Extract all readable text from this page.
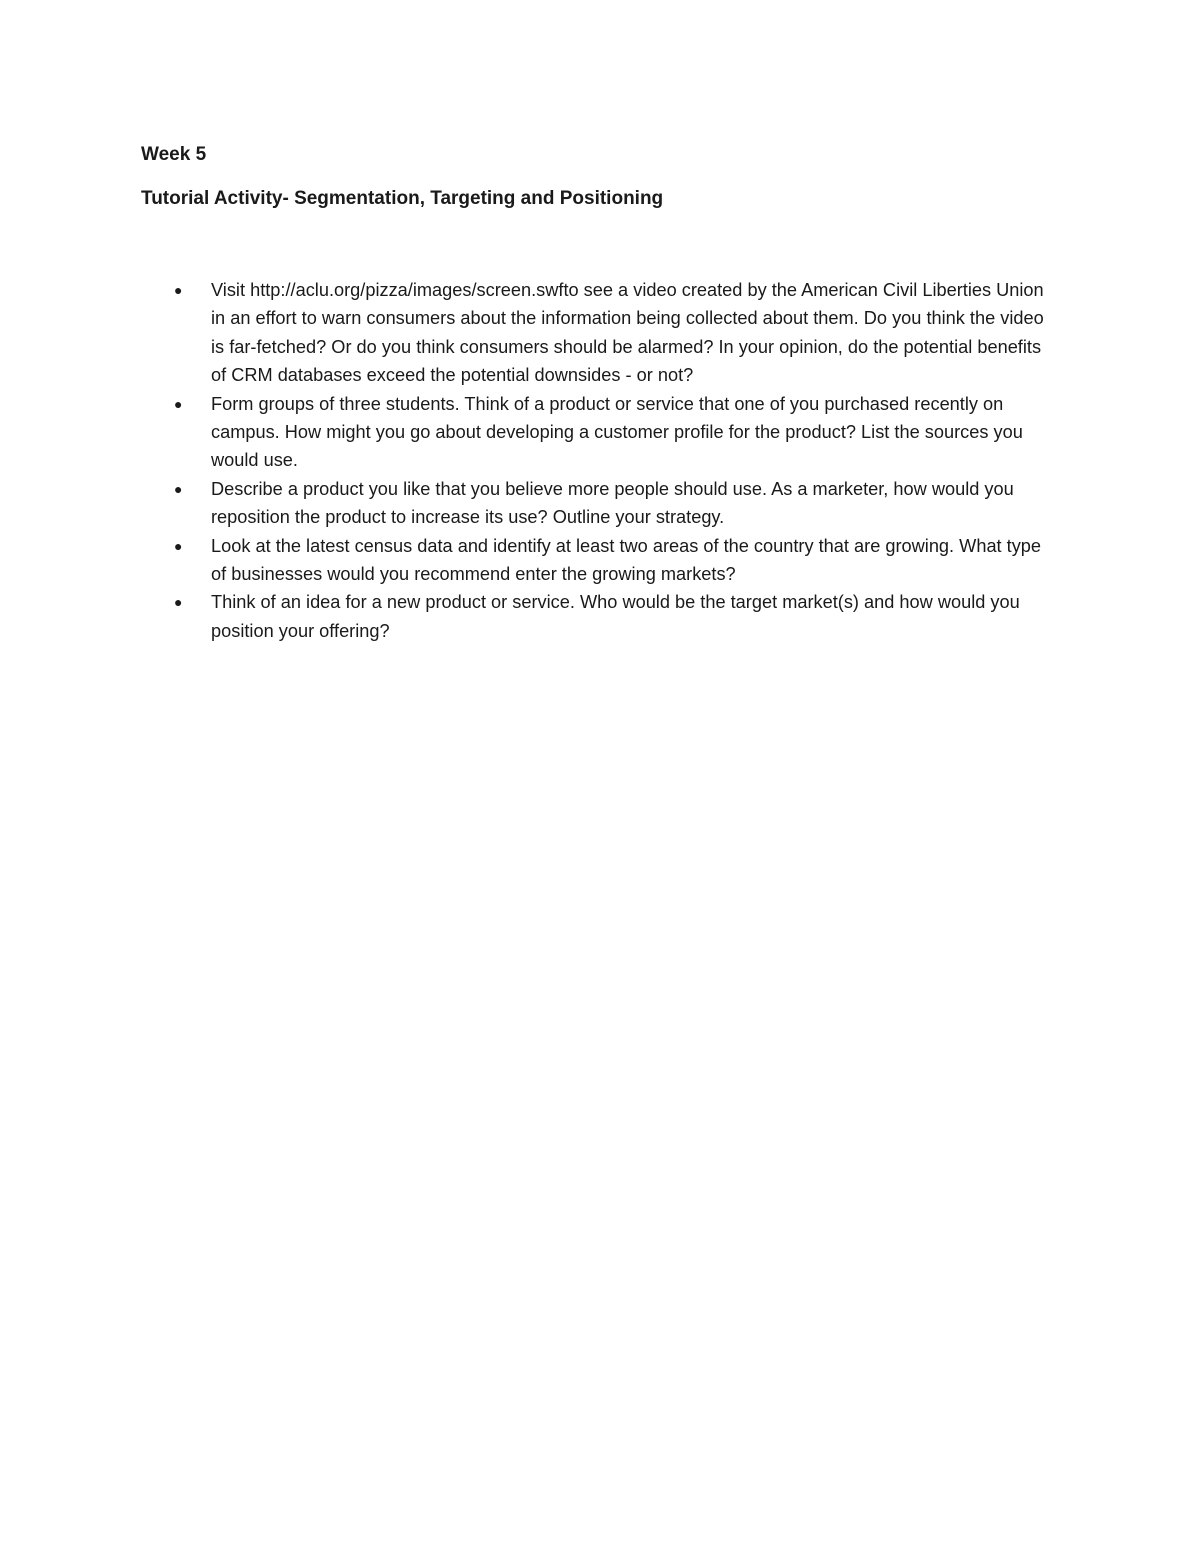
Week 5

Tutorial Activity- Segmentation, Targeting and Positioning

● Visit http://aclu.org/pizza/images/screen.swfto see a video created by the American Civil Liberties Union in an effort to warn consumers about the information being collected about them. Do you think the video is far-fetched? Or do you think consumers should be alarmed? In your opinion, do the potential benefits of CRM databases exceed the potential downsides - or not?
● Form groups of three students. Think of a product or service that one of you purchased recently on campus. How might you go about developing a customer profile for the product? List the sources you would use.
● Describe a product you like that you believe more people should use. As a marketer, how would you reposition the product to increase its use? Outline your strategy.
● Look at the latest census data and identify at least two areas of the country that are growing. What type of businesses would you recommend enter the growing markets?
● Think of an idea for a new product or service. Who would be the target market(s) and how would you position your offering?
